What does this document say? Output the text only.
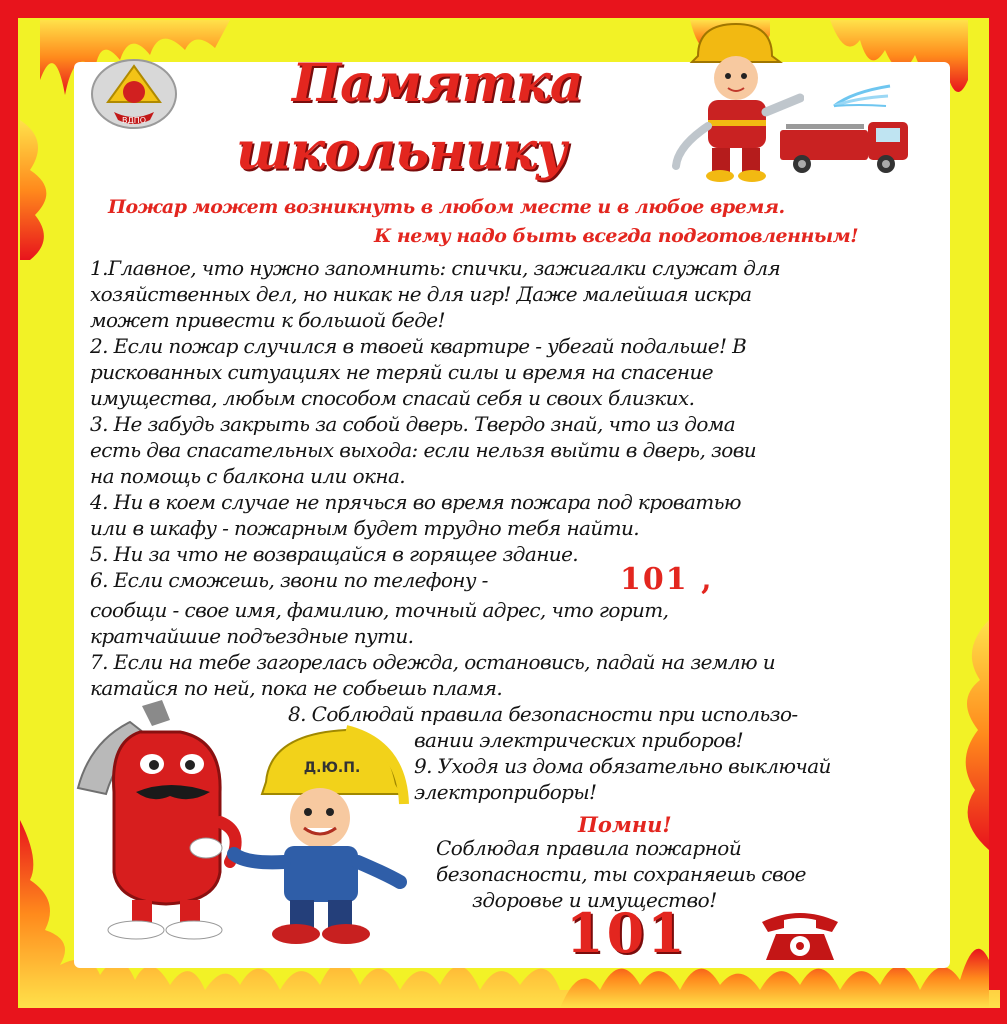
ВДПО
Памятка
школьнику
Пожар может возникнуть в любом месте и в любое время.
К нему надо быть всегда подготовленным!
1.Главное, что нужно запомнить: спички, зажигалки служат для
хозяйственных дел, но никак не для игр! Даже малейшая искра
может привести к большой беде!
2. Если пожар случился в твоей квартире - убегай подальше! В
рискованных ситуациях не теряй силы и время на спасение
имущества, любым способом спасай себя и своих близких.
3. Не забудь закрыть за собой дверь. Твердо знай, что из дома
есть два спасательных выхода: если нельзя выйти в дверь, зови
на помощь с балкона или окна.
4. Ни в коем случае не прячься во время пожара под кроватью
или в шкафу - пожарным будет трудно тебя найти.
5. Ни за что не возвращайся в горящее здание.
6. Если сможешь, звони по телефону -	101 ,
сообщи - свое имя, фамилию, точный адрес, что горит,
кратчайшие подъездные пути.
7. Если на тебе загорелась одежда, остановись, падай на землю и
катайся по ней, пока не собьешь пламя.
8. Соблюдай правила безопасности при использо-
вании электрических приборов!
9. Уходя из дома обязательно выключай
электроприборы!
Д.Ю.П.
Помни!
Соблюдая правила пожарной
безопасности, ты сохраняешь свое
здоровье и имущество!
101
